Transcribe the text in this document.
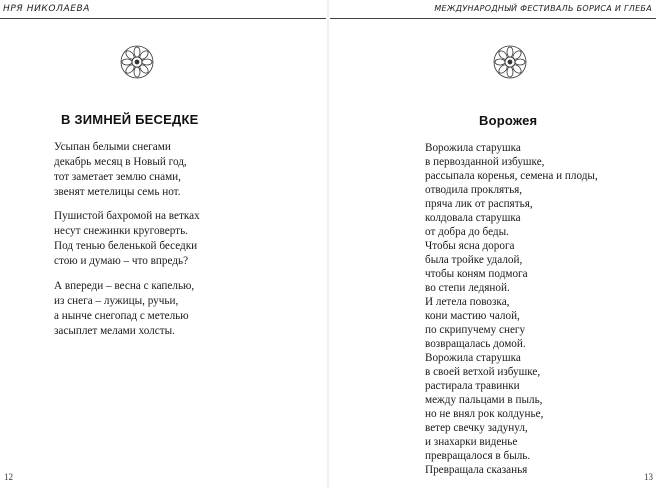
НРЯ НИКОЛАЕВА
В ЗИМНЕЙ БЕСЕДКЕ
Усыпан белыми снегами
декабрь месяц в Новый год,
тот заметает землю снами,
звенят метелицы семь нот.
Пушистой бахромой на ветках
несут снежинки круговерть.
Под тенью беленькой беседки
стою и думаю – что впредь?
А впереди – весна с капелью,
из снега – лужицы, ручьи,
а нынче снегопад с метелью
засыплет мелами холсты.
12
МЕЖДУНАРОДНЫЙ ФЕСТИВАЛЬ БОРИСА И ГЛЕБА
Ворожея
Ворожила старушка
в первозданной избушке,
рассыпала коренья, семена и плоды,
отводила проклятья,
пряча лик от распятья,
колдовала старушка
от добра до беды.
Чтобы ясна дорога
была тройке удалой,
чтобы коням подмога
во степи ледяной.
И летела повозка,
кони мастию чалой,
по скрипучему снегу
возвращалась домой.
Ворожила старушка
в своей ветхой избушке,
растирала травинки
между пальцами в пыль,
но не внял рок колдунье,
ветер свечку задунул,
и знахарки виденье
превращалося в быль.
Превращала сказанья
13
